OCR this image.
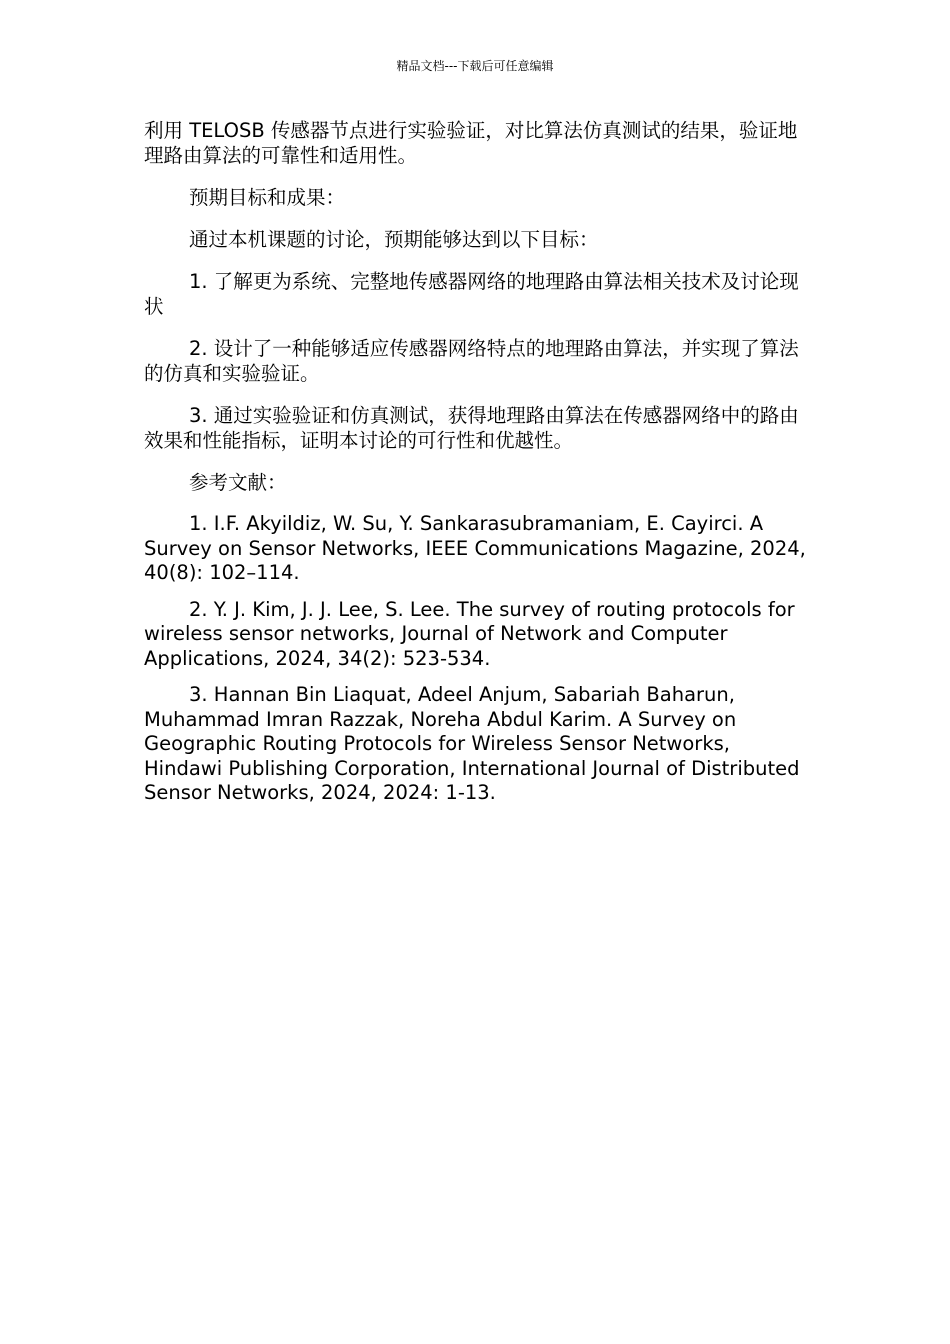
精品文档---下载后可任意编辑

利用 TELOSB 传感器节点进行实验验证，对比算法仿真测试的结果，验证地理路由算法的可靠性和适用性。

预期目标和成果：

通过本机课题的讨论，预期能够达到以下目标：

1. 了解更为系统、完整地传感器网络的地理路由算法相关技术及讨论现状

2. 设计了一种能够适应传感器网络特点的地理路由算法，并实现了算法的仿真和实验验证。

3. 通过实验验证和仿真测试，获得地理路由算法在传感器网络中的路由效果和性能指标，证明本讨论的可行性和优越性。

参考文献：

1. I.F. Akyildiz, W. Su, Y. Sankarasubramaniam, E. Cayirci. A Survey on Sensor Networks, IEEE Communications Magazine, 2024, 40(8): 102–114.

2. Y. J. Kim, J. J. Lee, S. Lee. The survey of routing protocols for wireless sensor networks, Journal of Network and Computer Applications, 2024, 34(2): 523-534.

3. Hannan Bin Liaquat, Adeel Anjum, Sabariah Baharun, Muhammad Imran Razzak, Noreha Abdul Karim. A Survey on Geographic Routing Protocols for Wireless Sensor Networks, Hindawi Publishing Corporation, International Journal of Distributed Sensor Networks, 2024, 2024: 1-13.
